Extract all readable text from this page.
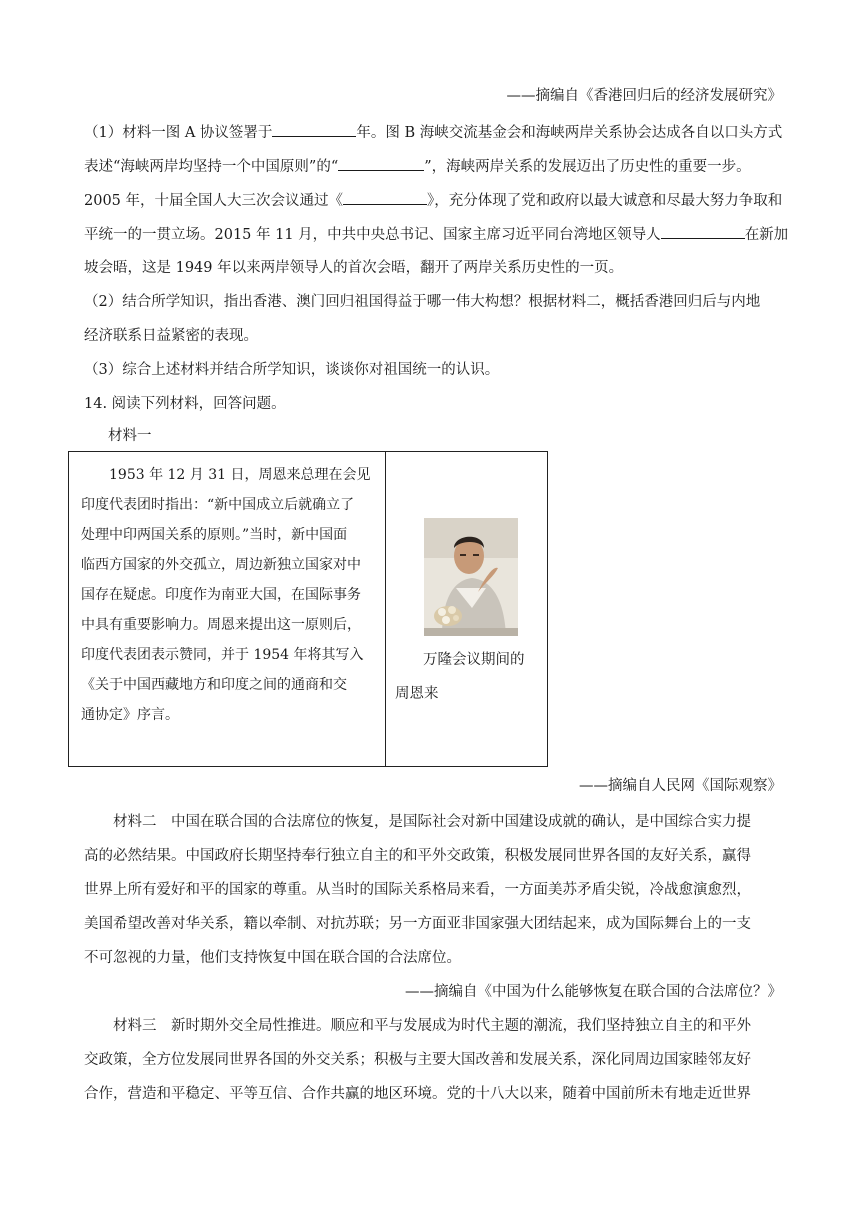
——摘编自《香港回归后的经济发展研究》
（1）材料一图 A 协议签署于	年。图 B 海峡交流基金会和海峡两岸关系协会达成各自以口头方式
表述“海峡两岸均坚持一个中国原则”的“	”，海峡两岸关系的发展迈出了历史性的重要一步。
2005 年，十届全国人大三次会议通过《	》，充分体现了党和政府以最大诚意和尽最大努力争取和
平统一的一贯立场。2015 年 11 月，中共中央总书记、国家主席习近平同台湾地区领导人	在新加
坡会晤，这是 1949 年以来两岸领导人的首次会晤，翻开了两岸关系历史性的一页。
（2）结合所学知识，指出香港、澳门回归祖国得益于哪一伟大构想？根据材料二，概括香港回归后与内地
经济联系日益紧密的表现。
（3）综合上述材料并结合所学知识，谈谈你对祖国统一的认识。
14. 阅读下列材料，回答问题。
材料一
　　1953 年 12 月 31 日，周恩来总理在会见
印度代表团时指出：“新中国成立后就确立了
处理中印两国关系的原则。”当时，新中国面
临西方国家的外交孤立，周边新独立国家对中
国存在疑虑。印度作为南亚大国，在国际事务
中具有重要影响力。周恩来提出这一原则后，
印度代表团表示赞同，并于 1954 年将其写入
《关于中国西藏地方和印度之间的通商和交
通协定》序言。
万隆会议期间的
周恩来
——摘编自人民网《国际观察》
　　材料二　中国在联合国的合法席位的恢复，是国际社会对新中国建设成就的确认，是中国综合实力提
高的必然结果。中国政府长期坚持奉行独立自主的和平外交政策，积极发展同世界各国的友好关系，赢得
世界上所有爱好和平的国家的尊重。从当时的国际关系格局来看，一方面美苏矛盾尖锐，冷战愈演愈烈，
美国希望改善对华关系，籍以牵制、对抗苏联；另一方面亚非国家强大团结起来，成为国际舞台上的一支
不可忽视的力量，他们支持恢复中国在联合国的合法席位。
——摘编自《中国为什么能够恢复在联合国的合法席位？》
　　材料三　新时期外交全局性推进。顺应和平与发展成为时代主题的潮流，我们坚持独立自主的和平外
交政策，全方位发展同世界各国的外交关系；积极与主要大国改善和发展关系，深化同周边国家睦邻友好
合作，营造和平稳定、平等互信、合作共赢的地区环境。党的十八大以来，随着中国前所未有地走近世界
